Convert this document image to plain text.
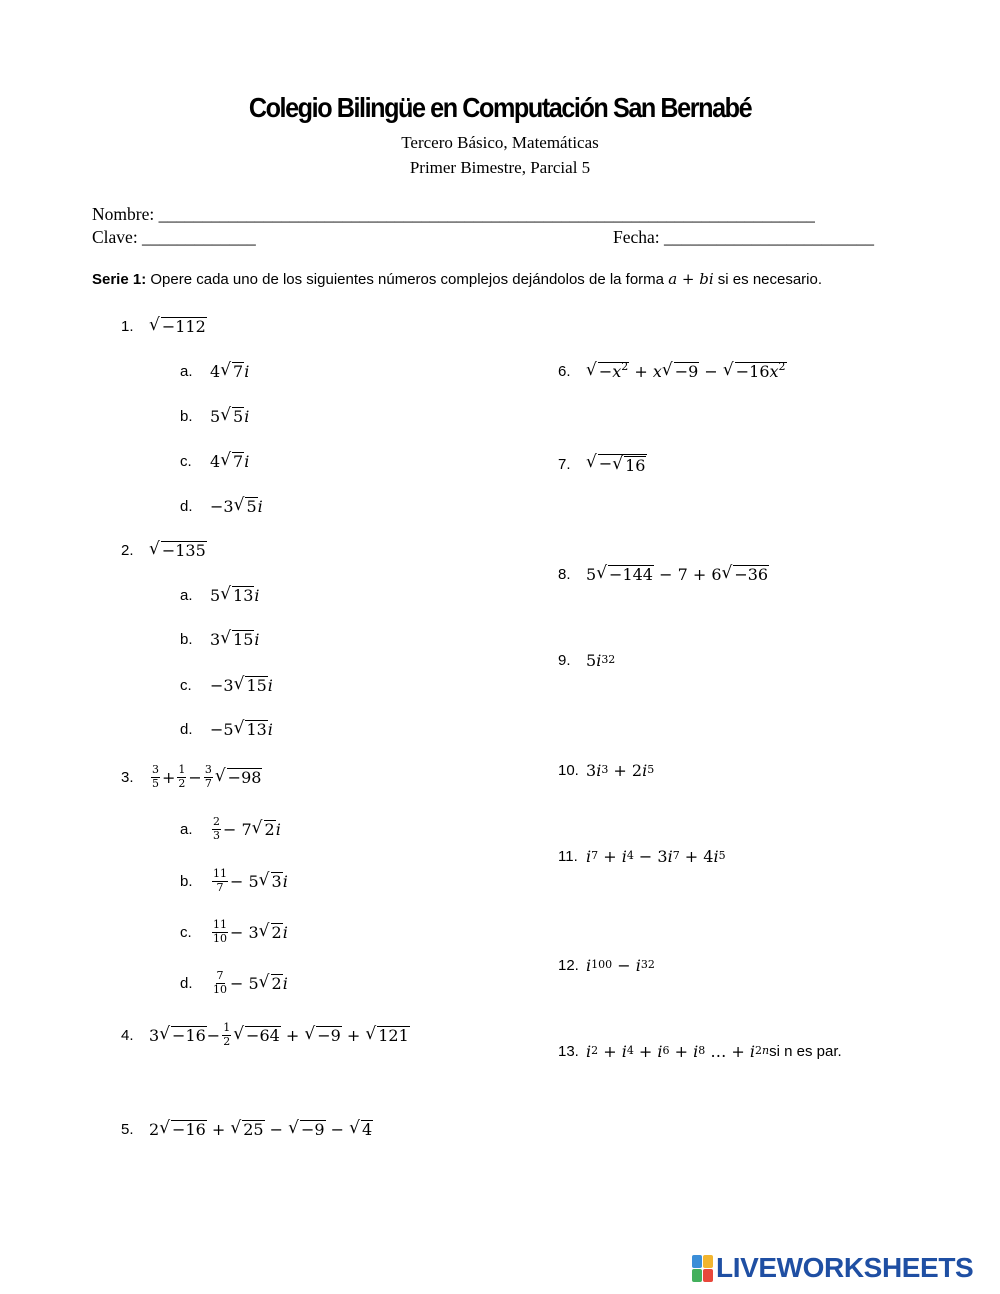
Colegio Bilingüe en Computación San Bernabé
Tercero Básico, Matemáticas
Primer Bimestre, Parcial 5
Nombre: ___________________________________________________________________________
Clave: _____________	Fecha: ________________________
Serie 1: Opere cada uno de los siguientes números complejos dejándolos de la forma a + bi si es necesario.
1. √ −112
a.	4 √ 7 i
b.	5 √ 5 i
c.	4 √ 7 i
d.	−3 √ 5 i
2. √ −135
a.	5 √ 13 i
b.	3 √ 15 i
c.	−3 √ 15 i
d.	−5 √ 13 i
3.	$\frac{3}{5} + \frac{1}{2} - \frac{3}{7}$ √ −98
a.	$\frac{2}{3} - 7$ √ 2 i
b.	$\frac{11}{7} - 5$ √ 3 i
c.	$\frac{11}{10} - 3$ √ 2 i
d.	$\frac{7}{10} - 5$ √ 2 i
4. 3 √ $-16 - \frac{1}{2}$ √ −64 + √ −9 + √ 121
5. 2 √ −16 + √ 25 − √ −9 − √ 4
6. √ $-x^2 + x$ √ −9 − √ $-16x^2$
7. √ − √ 16
8. 5 √ −144 − 7 + 6 √ −36
9. 5 i 32
10. 3 i 3 + 2 i 5
11. i 7 + i 4 − 3 i 7 + 4 i 5
12. i 100 − i 32
13. i 2 + i 4 + i 6 + i 8 … + i 2n si n es par.
LIVEWORKSHEETS
